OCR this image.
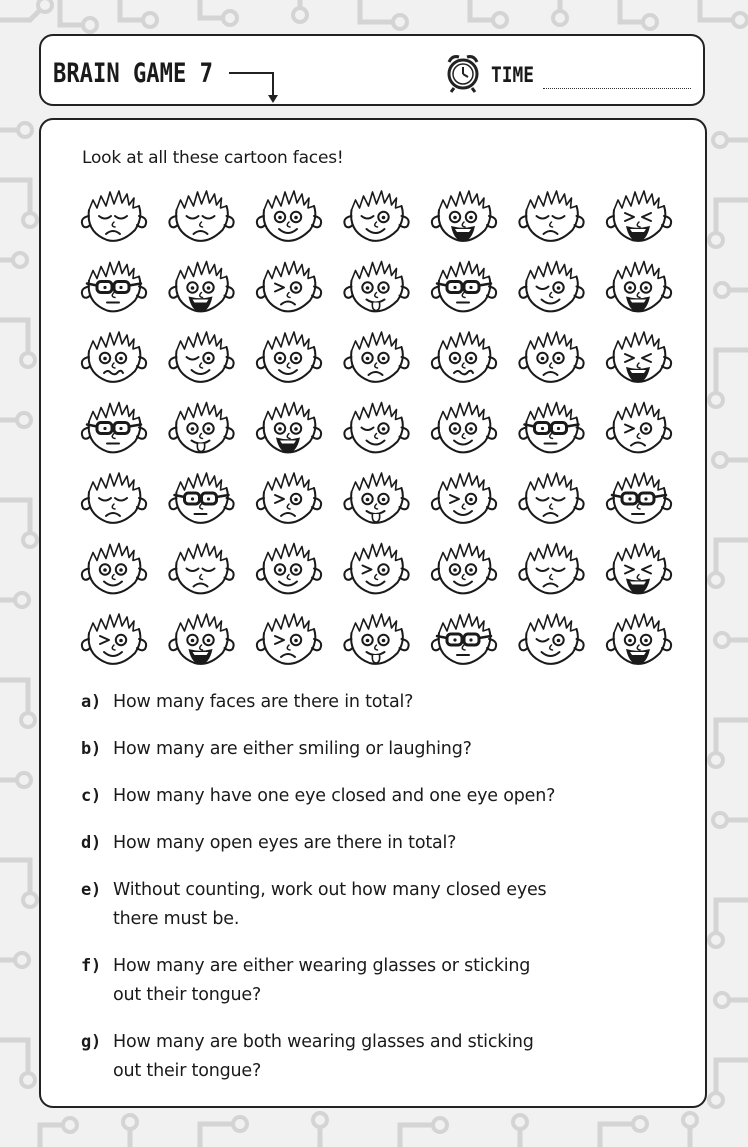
BRAIN GAME 7	TIME
Look at all these cartoon faces!
a) How many faces are there in total?
b) How many are either smiling or laughing?
c) How many have one eye closed and one eye open?
d) How many open eyes are there in total?
e) Without counting, work out how many closed eyes
there must be.
f) How many are either wearing glasses or sticking
out their tongue?
g) How many are both wearing glasses and sticking
out their tongue?
